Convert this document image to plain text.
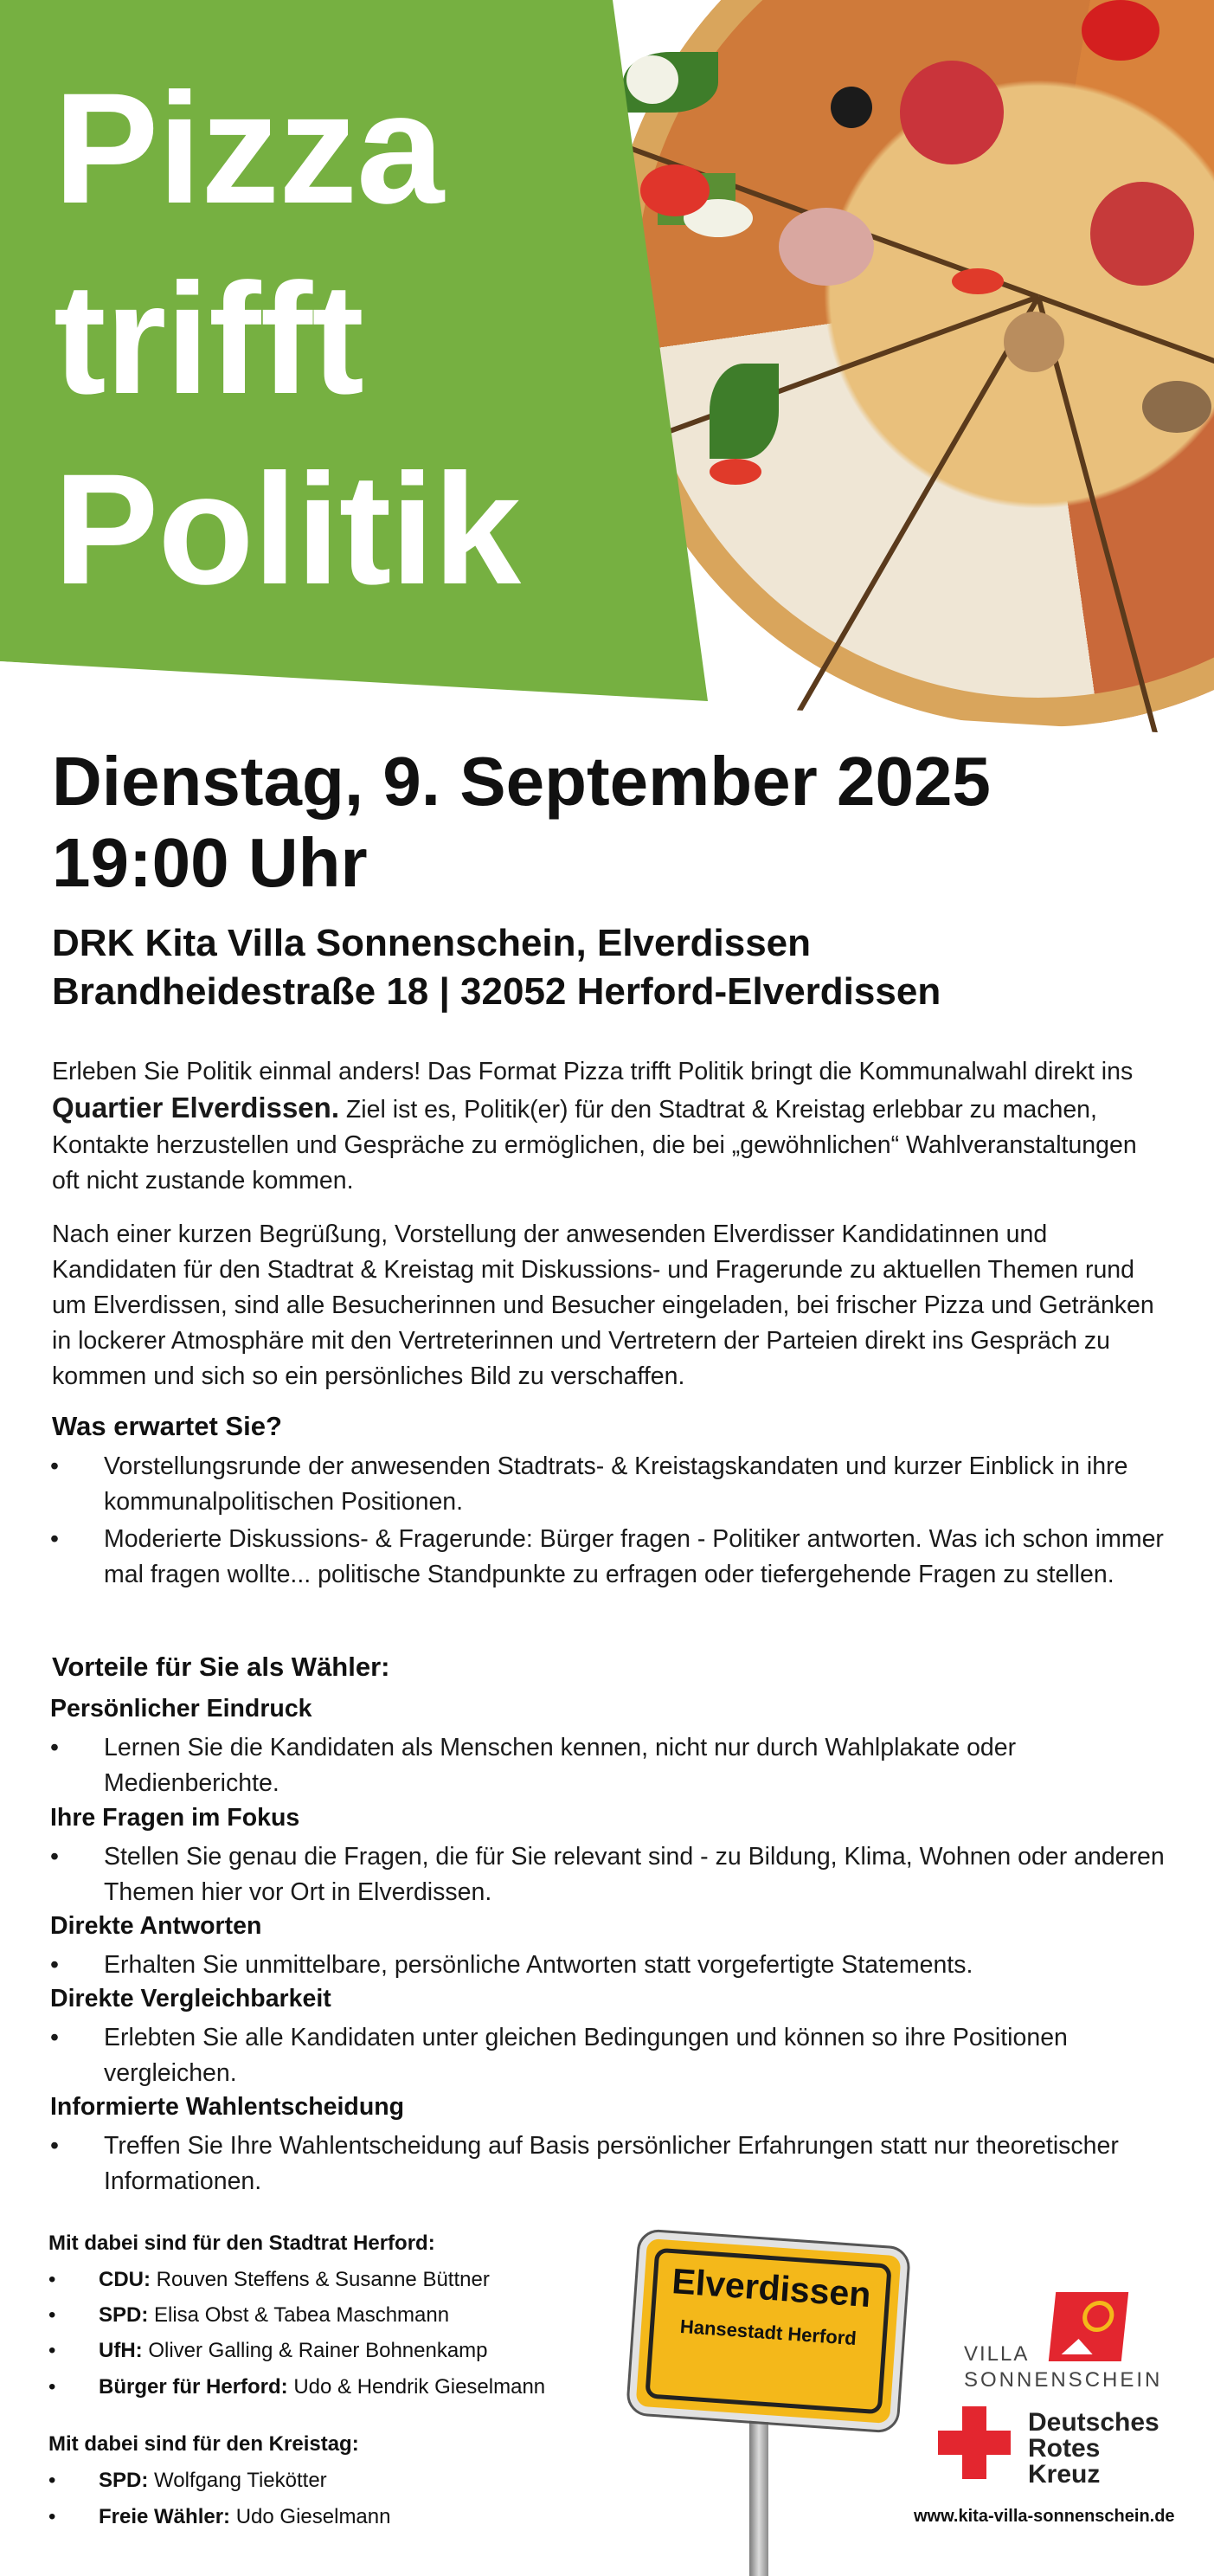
Pizza
trifft
Politik
Dienstag, 9. September 2025
19:00 Uhr
DRK Kita Villa Sonnenschein, Elverdissen
Brandheidestraße 18 | 32052 Herford-Elverdissen
Erleben Sie Politik einmal anders! Das Format Pizza trifft Politik bringt die Kommunalwahl direkt ins Quartier Elverdissen. Ziel ist es, Politik(er) für den Stadtrat & Kreistag erlebbar zu machen, Kontakte herzustellen und Gespräche zu ermöglichen, die bei „gewöhnlichen“ Wahlveranstaltungen oft nicht zustande kommen.
Nach einer kurzen Begrüßung, Vorstellung der anwesenden Elverdisser Kandidatinnen und Kandidaten für den Stadtrat & Kreistag mit Diskussions- und Fragerunde zu aktuellen Themen rund um Elverdissen, sind alle Besucherinnen und Besucher eingeladen, bei frischer Pizza und Getränken in lockerer Atmosphäre mit den Vertreterinnen und Vertretern der Parteien direkt ins Gespräch zu kommen und sich so ein persönliches Bild zu verschaffen.
Was erwartet Sie?
•	Vorstellungsrunde der anwesenden Stadtrats- & Kreistagskandaten und kurzer Einblick in ihre kommunalpolitischen Positionen.
•	Moderierte Diskussions- & Fragerunde: Bürger fragen - Politiker antworten. Was ich schon immer mal fragen wollte... politische Standpunkte zu erfragen oder tiefergehende Fragen zu stellen.
Vorteile für Sie als Wähler:
Persönlicher Eindruck
•	Lernen Sie die Kandidaten als Menschen kennen, nicht nur durch Wahlplakate oder Medienberichte.
Ihre Fragen im Fokus
•	Stellen Sie genau die Fragen, die für Sie relevant sind - zu Bildung, Klima, Wohnen oder anderen Themen hier vor Ort in Elverdissen.
Direkte Antworten
•	Erhalten Sie unmittelbare, persönliche Antworten statt vorgefertigte Statements.
Direkte Vergleichbarkeit
•	Erlebten Sie alle Kandidaten unter gleichen Bedingungen und können so ihre Positionen vergleichen.
Informierte Wahlentscheidung
•	Treffen Sie Ihre Wahlentscheidung auf Basis persönlicher Erfahrungen statt nur theoretischer Informationen.
Mit dabei sind für den Stadtrat Herford:
•	CDU: Rouven Steffens & Susanne Büttner
•	SPD: Elisa Obst & Tabea Maschmann
•	UfH: Oliver Galling & Rainer Bohnenkamp
•	Bürger für Herford: Udo & Hendrik Gieselmann
Mit dabei sind für den Kreistag:
•	SPD: Wolfgang Tiekötter
•	Freie Wähler: Udo Gieselmann
Elverdissen
Hansestadt Herford
VILLA
SONNENSCHEIN
Deutsches
Rotes
Kreuz
www.kita-villa-sonnenschein.de
